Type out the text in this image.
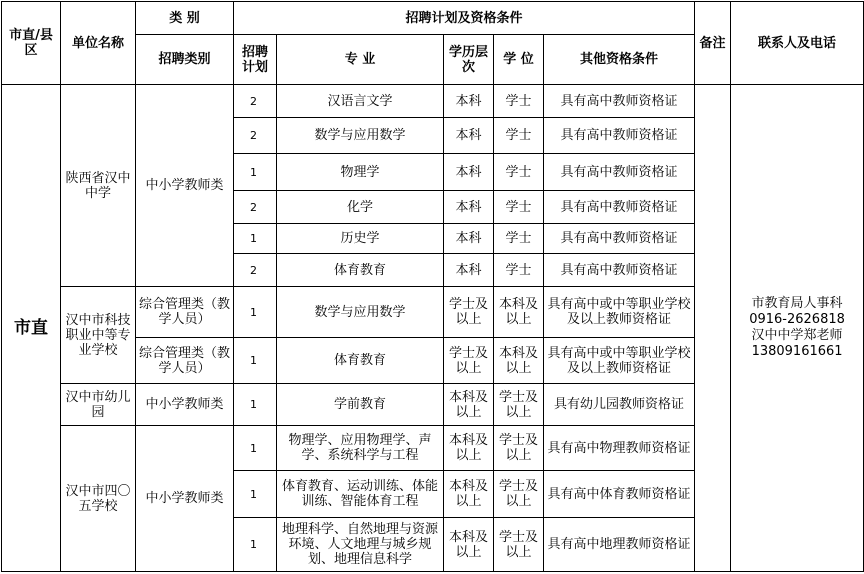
市直/县区	单位名称	类 别	招聘计划及资格条件					备注	联系人及电话
		招聘类别	招聘计划	专 业	学历层次	学 位	其他资格条件		
市直	陕西省汉中中学	中小学教师类	2	汉语言文学	本科	学士	具有高中教师资格证		市教育局人事科
0916-2626818
汉中中学郑老师
13809161661

			2	数学与应用数学	本科	学士	具有高中教师资格证		
			1	物理学	本科	学士	具有高中教师资格证		
			2	化学	本科	学士	具有高中教师资格证		
			1	历史学	本科	学士	具有高中教师资格证		
			2	体育教育	本科	学士	具有高中教师资格证		
	汉中市科技职业中等专业学校	综合管理类（教学人员）	1	数学与应用数学	学士及以上	本科及以上	具有高中或中等职业学校及以上教师资格证		
		综合管理类（教学人员）	1	体育教育	学士及以上	本科及以上	具有高中或中等职业学校及以上教师资格证		
	汉中市幼儿园	中小学教师类	1	学前教育	本科及以上	学士及以上	具有幼儿园教师资格证		
	汉中市四〇五学校	中小学教师类	1	物理学、应用物理学、声学、系统科学与工程	本科及以上	学士及以上	具有高中物理教师资格证		
			1	体育教育、运动训练、体能训练、智能体育工程	本科及以上	学士及以上	具有高中体育教师资格证		
			1	地理科学、自然地理与资源环境、人文地理与城乡规划、地理信息科学	本科及以上	学士及以上	具有高中地理教师资格证		
